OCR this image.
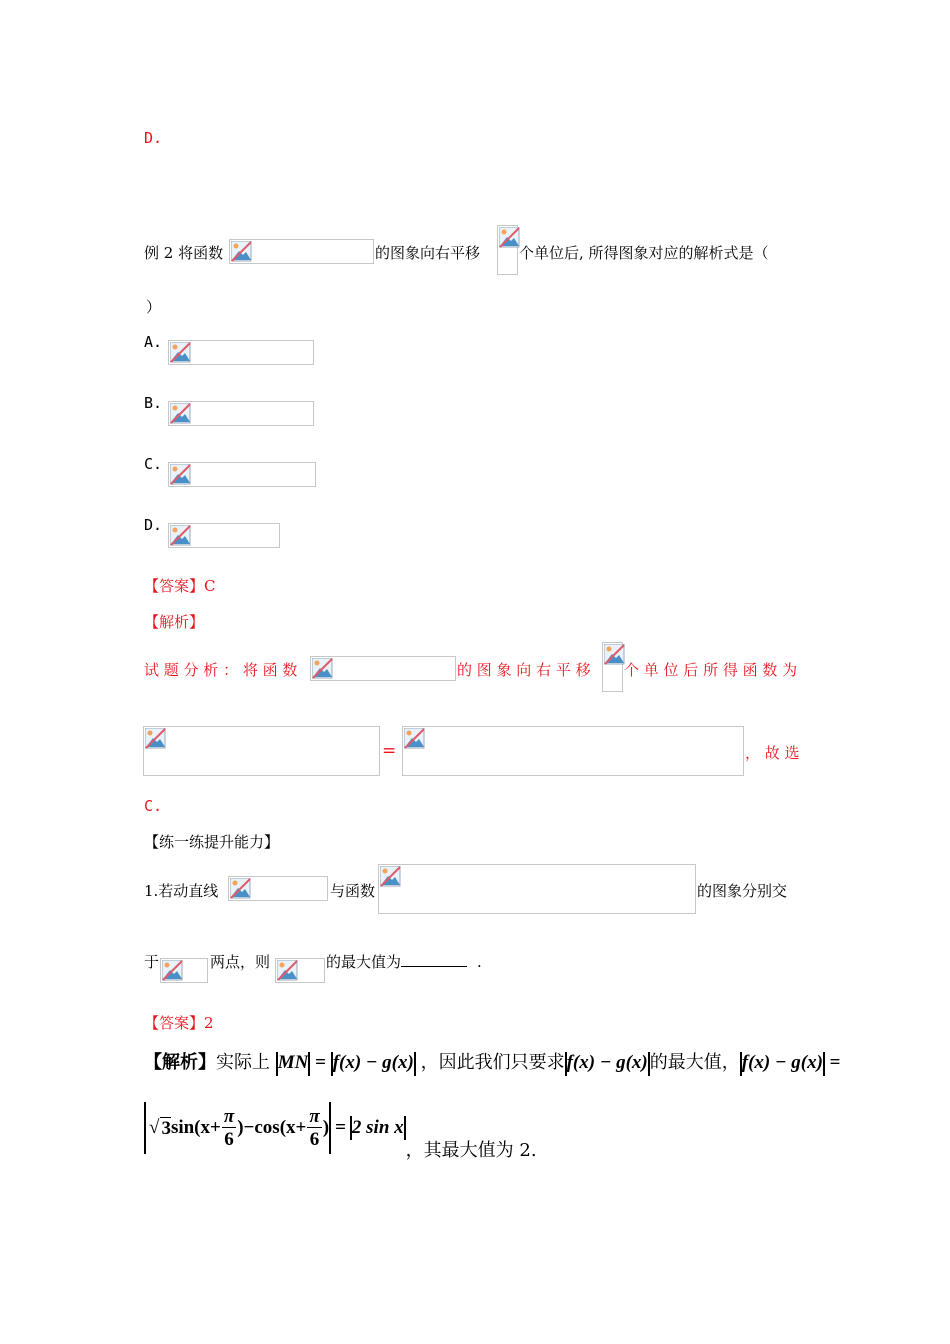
D.
例 2 将函数	的图象向右平移	个单位后, 所得图象对应的解析式是（
）
A.
B.
C.
D.
【答案】C
【解析】
试 题 分 析 ： 将 函 数	的 图 象 向 右 平 移 个 单 位 后 所 得 函 数 为
=	， 故 选
C.
【练一练提升能力】
1.若动直线	与函数	的图象分别交
于	两点，则	的最大值为	.
【答案】2
【解析】实际上 MN = f(x) − g(x) ，因此我们只要求 f(x) − g(x) 的最大值， f(x) − g(x) =
√ 3 $\sin(x+ \frac{\pi}{6} )-\cos(x+ \frac{\pi}{6}$ ) = 2 sin x
，其最大值为 2.
